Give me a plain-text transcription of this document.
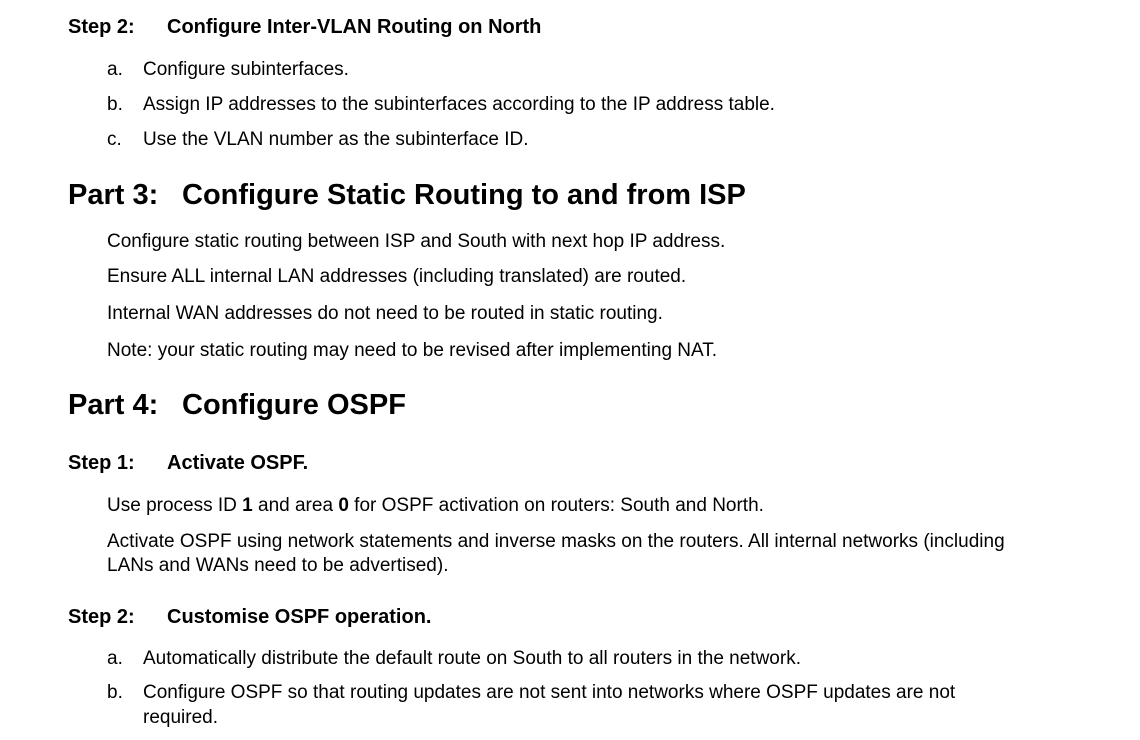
Step 2: Configure Inter-VLAN Routing on North
a. Configure subinterfaces.
b. Assign IP addresses to the subinterfaces according to the IP address table.
c. Use the VLAN number as the subinterface ID.
Part 3: Configure Static Routing to and from ISP
Configure static routing between ISP and South with next hop IP address.
Ensure ALL internal LAN addresses (including translated) are routed.
Internal WAN addresses do not need to be routed in static routing.
Note: your static routing may need to be revised after implementing NAT.
Part 4: Configure OSPF
Step 1: Activate OSPF.
Use process ID 1 and area 0 for OSPF activation on routers: South and North.
Activate OSPF using network statements and inverse masks on the routers. All internal networks (including
LANs and WANs need to be advertised).
Step 2: Customise OSPF operation.
a. Automatically distribute the default route on South to all routers in the network.
b. Configure OSPF so that routing updates are not sent into networks where OSPF updates are not
required.
